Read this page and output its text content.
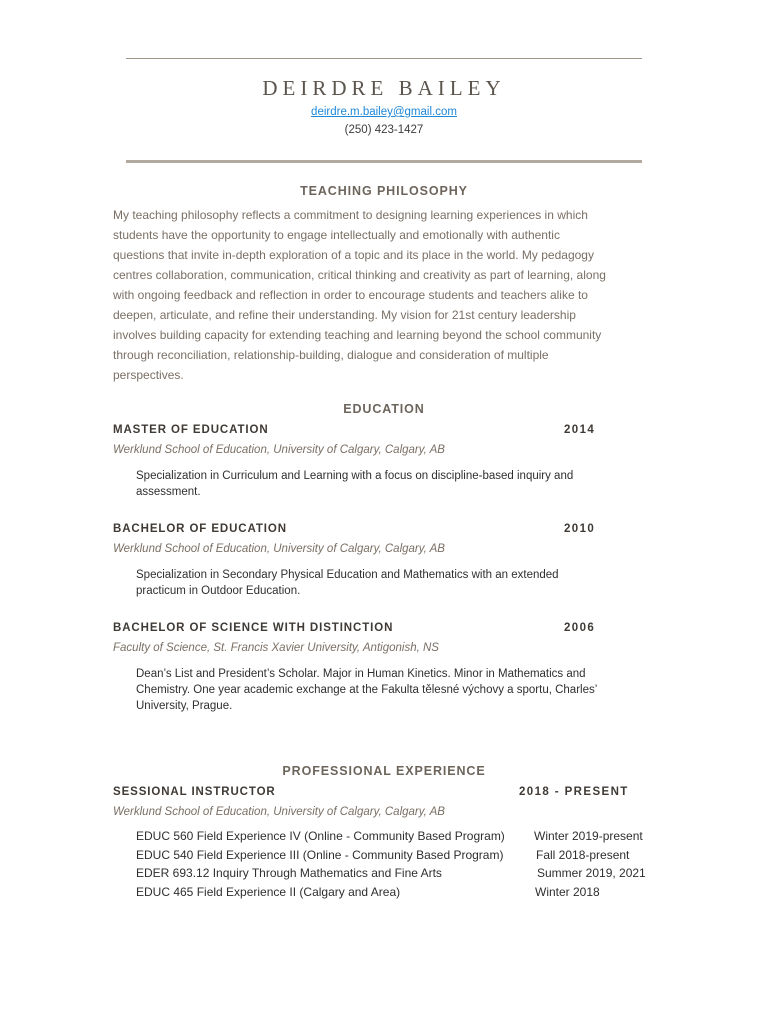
DEIRDRE BAILEY
deirdre.m.bailey@gmail.com
(250) 423-1427
TEACHING PHILOSOPHY
My teaching philosophy reflects a commitment to designing learning experiences in which
students have the opportunity to engage intellectually and emotionally with authentic
questions that invite in-depth exploration of a topic and its place in the world. My pedagogy
centres collaboration, communication, critical thinking and creativity as part of learning, along
with ongoing feedback and reflection in order to encourage students and teachers alike to
deepen, articulate, and refine their understanding. My vision for 21st century leadership
involves building capacity for extending teaching and learning beyond the school community
through reconciliation, relationship-building, dialogue and consideration of multiple
perspectives.
EDUCATION
MASTER OF EDUCATION	2014
Werklund School of Education, University of Calgary, Calgary, AB
Specialization in Curriculum and Learning with a focus on discipline-based inquiry and
assessment.
BACHELOR OF EDUCATION	2010
Werklund School of Education, University of Calgary, Calgary, AB
Specialization in Secondary Physical Education and Mathematics with an extended
practicum in Outdoor Education.
BACHELOR OF SCIENCE WITH DISTINCTION	2006
Faculty of Science, St. Francis Xavier University, Antigonish, NS
Dean’s List and President’s Scholar. Major in Human Kinetics. Minor in Mathematics and
Chemistry. One year academic exchange at the Fakulta tělesné výchovy a sportu, Charles’
University, Prague.
PROFESSIONAL EXPERIENCE
SESSIONAL INSTRUCTOR	2018 - PRESENT
Werklund School of Education, University of Calgary, Calgary, AB
EDUC 560 Field Experience IV (Online - Community Based Program) Winter 2019-present
EDUC 540 Field Experience III (Online - Community Based Program)	Fall 2018-present
EDER 693.12 Inquiry Through Mathematics and Fine Arts	Summer 2019, 2021
EDUC 465 Field Experience II (Calgary and Area)	Winter 2018
